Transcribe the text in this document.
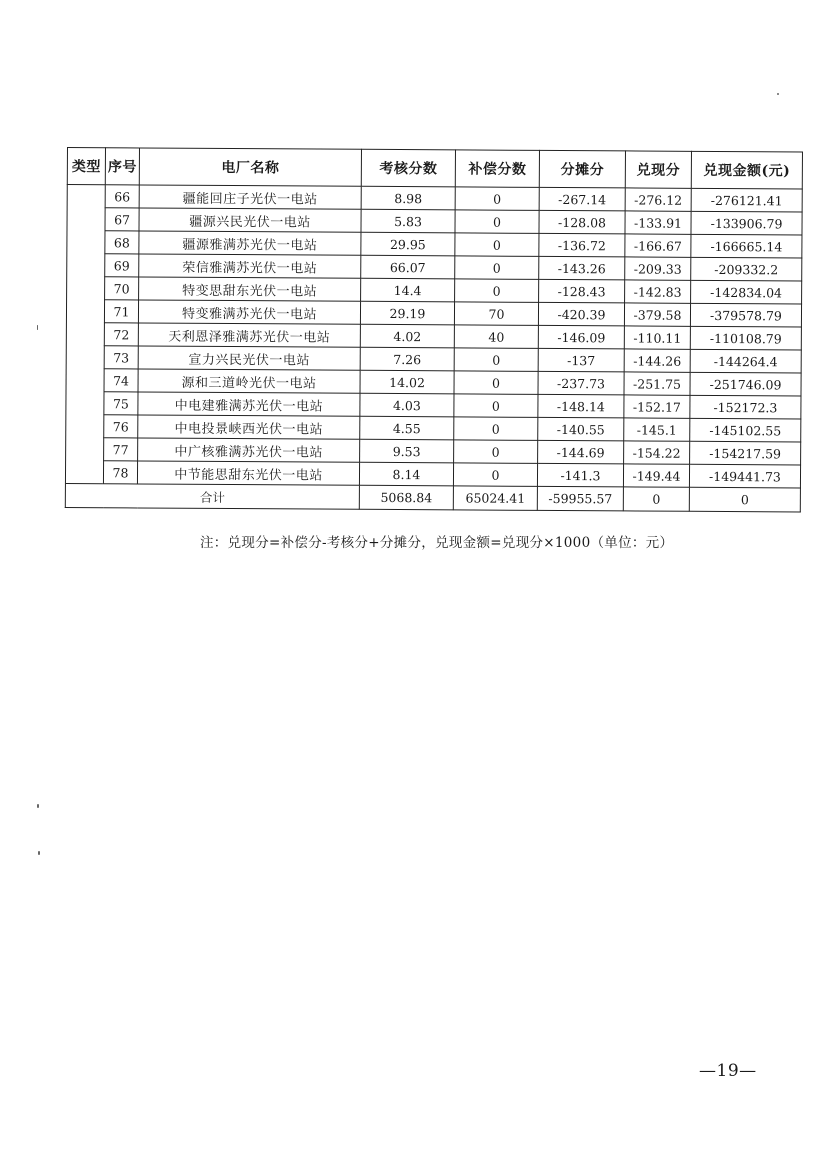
类型	序号	电厂名称	考核分数	补偿分数	分摊分	兑现分	兑现金额(元)
	66	疆能回庄子光伏一电站	8.98	0	-267.14	-276.12	-276121.41
	67	疆源兴民光伏一电站	5.83	0	-128.08	-133.91	-133906.79
	68	疆源雅满苏光伏一电站	29.95	0	-136.72	-166.67	-166665.14
	69	荣信雅满苏光伏一电站	66.07	0	-143.26	-209.33	-209332.2
	70	特变思甜东光伏一电站	14.4	0	-128.43	-142.83	-142834.04
	71	特变雅满苏光伏一电站	29.19	70	-420.39	-379.58	-379578.79
	72	天利恩泽雅满苏光伏一电站	4.02	40	-146.09	-110.11	-110108.79
	73	宣力兴民光伏一电站	7.26	0	-137	-144.26	-144264.4
	74	源和三道岭光伏一电站	14.02	0	-237.73	-251.75	-251746.09
	75	中电建雅满苏光伏一电站	4.03	0	-148.14	-152.17	-152172.3
	76	中电投景峡西光伏一电站	4.55	0	-140.55	-145.1	-145102.55
	77	中广核雅满苏光伏一电站	9.53	0	-144.69	-154.22	-154217.59
	78	中节能思甜东光伏一电站	8.14	0	-141.3	-149.44	-149441.73
合计			5068.84	65024.41	-59955.57	0	0
注：兑现分=补偿分-考核分+分摊分，兑现金额=兑现分×1000（单位：元）
—19—
